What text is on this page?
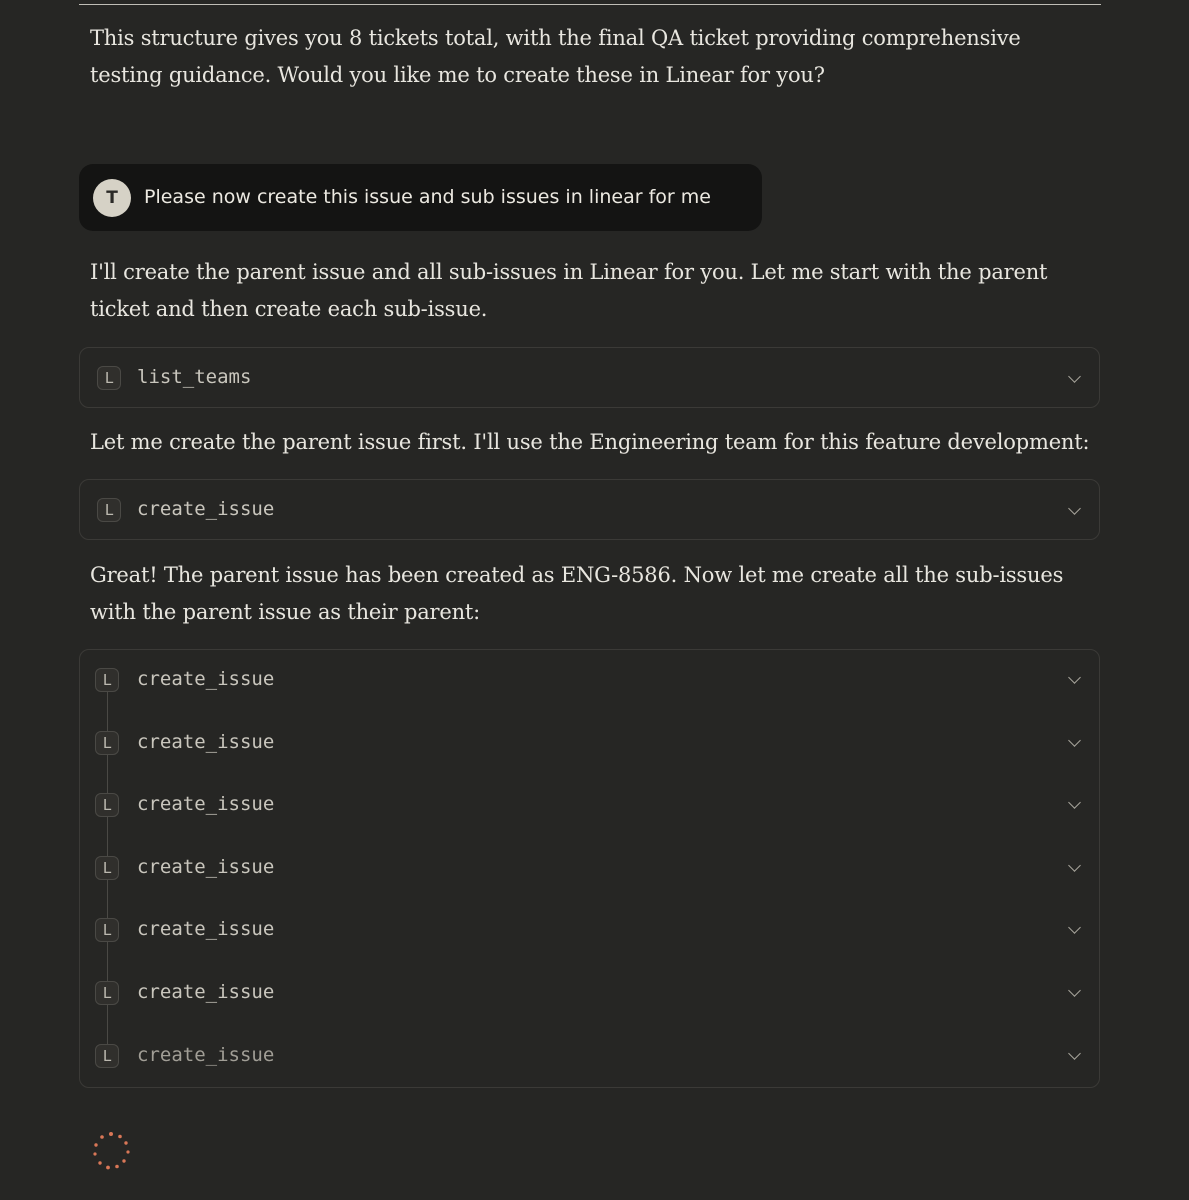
This structure gives you 8 tickets total, with the final QA ticket providing comprehensive testing guidance. Would you like me to create these in Linear for you?
T	Please now create this issue and sub issues in linear for me
I'll create the parent issue and all sub-issues in Linear for you. Let me start with the parent ticket and then create each sub-issue.
L	list_teams
Let me create the parent issue first. I'll use the Engineering team for this feature development:
L	create_issue
Great! The parent issue has been created as ENG-8586. Now let me create all the sub-issues with the parent issue as their parent:
L	create_issue
L	create_issue
L	create_issue
L	create_issue
L	create_issue
L	create_issue
L	create_issue
